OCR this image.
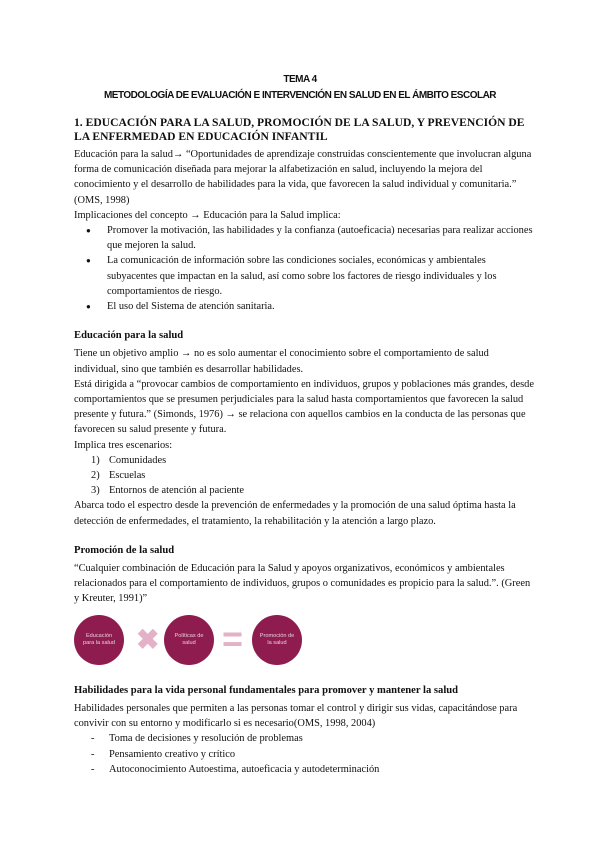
TEMA 4
METODOLOGÍA DE EVALUACIÓN E INTERVENCIÓN EN SALUD EN EL ÁMBITO ESCOLAR

1. EDUCACIÓN PARA LA SALUD, PROMOCIÓN DE LA SALUD, Y PREVENCIÓN DE LA ENFERMEDAD EN EDUCACIÓN INFANTIL

Educación para la salud→ “Oportunidades de aprendizaje construidas conscientemente que involucran alguna forma de comunicación diseñada para mejorar la alfabetización en salud, incluyendo la mejora del conocimiento y el desarrollo de habilidades para la vida, que favorecen la salud individual y comunitaria.” (OMS, 1998)

Implicaciones del concepto → Educación para la Salud implica:

● Promover la motivación, las habilidades y la confianza (autoeficacia) necesarias para realizar acciones que mejoren la salud.
● La comunicación de información sobre las condiciones sociales, económicas y ambientales subyacentes que impactan en la salud, así como sobre los factores de riesgo individuales y los comportamientos de riesgo.
● El uso del Sistema de atención sanitaria.

Educación para la salud

Tiene un objetivo amplio → no es solo aumentar el conocimiento sobre el comportamiento de salud individual, sino que también es desarrollar habilidades.

Está dirigida a “provocar cambios de comportamiento en individuos, grupos y poblaciones más grandes, desde comportamientos que se presumen perjudiciales para la salud hasta comportamientos que favorecen la salud presente y futura.” (Simonds, 1976) → se relaciona con aquellos cambios en la conducta de las personas que favorecen su salud presente y futura.

Implica tres escenarios:

1) Comunidades
2) Escuelas
3) Entornos de atención al paciente

Abarca todo el espectro desde la prevención de enfermedades y la promoción de una salud óptima hasta la detección de enfermedades, el tratamiento, la rehabilitación y la atención a largo plazo.

Promoción de la salud

“Cualquier combinación de Educación para la Salud y apoyos organizativos, económicos y ambientales relacionados para el comportamiento de individuos, grupos o comunidades es propicio para la salud.”. (Green y Kreuter, 1991)”

Educación para la salud ✖	Políticas de salud =	Promoción de la salud

Habilidades para la vida personal fundamentales para promover y mantener la salud

Habilidades personales que permiten a las personas tomar el control y dirigir sus vidas, capacitándose para convivir con su entorno y modificarlo si es necesario(OMS, 1998, 2004)

- Toma de decisiones y resolución de problemas
- Pensamiento creativo y crítico
- Autoconocimiento Autoestima, autoeficacia y autodeterminación
